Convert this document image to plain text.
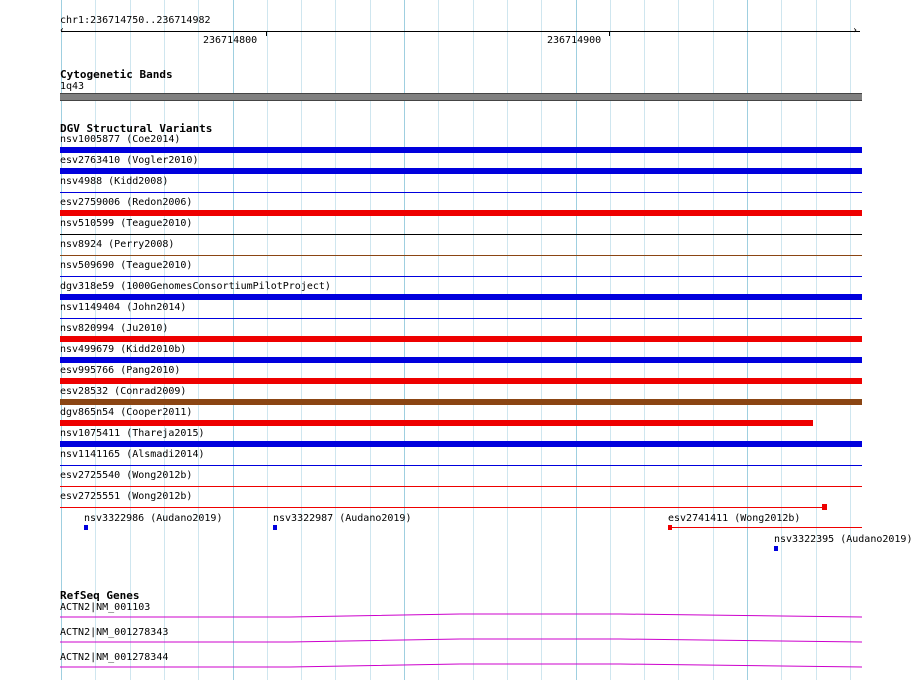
chr1:236714750..236714982
‹	›
236714800	236714900
Cytogenetic Bands
1q43
DGV Structural Variants
nsv1005877 (Coe2014)
esv2763410 (Vogler2010)
nsv4988 (Kidd2008)
esv2759006 (Redon2006)
nsv510599 (Teague2010)
nsv8924 (Perry2008)
nsv509690 (Teague2010)
dgv318e59 (1000GenomesConsortiumPilotProject)
nsv1149404 (John2014)
nsv820994 (Ju2010)
nsv499679 (Kidd2010b)
esv995766 (Pang2010)
esv28532 (Conrad2009)
dgv865n54 (Cooper2011)
nsv1075411 (Thareja2015)
nsv1141165 (Alsmadi2014)
esv2725540 (Wong2012b)
esv2725551 (Wong2012b)
nsv3322986 (Audano2019)	nsv3322987 (Audano2019)	esv2741411 (Wong2012b)
nsv3322395 (Audano2019)
RefSeq Genes
ACTN2|NM_001103
ACTN2|NM_001278343
ACTN2|NM_001278344
